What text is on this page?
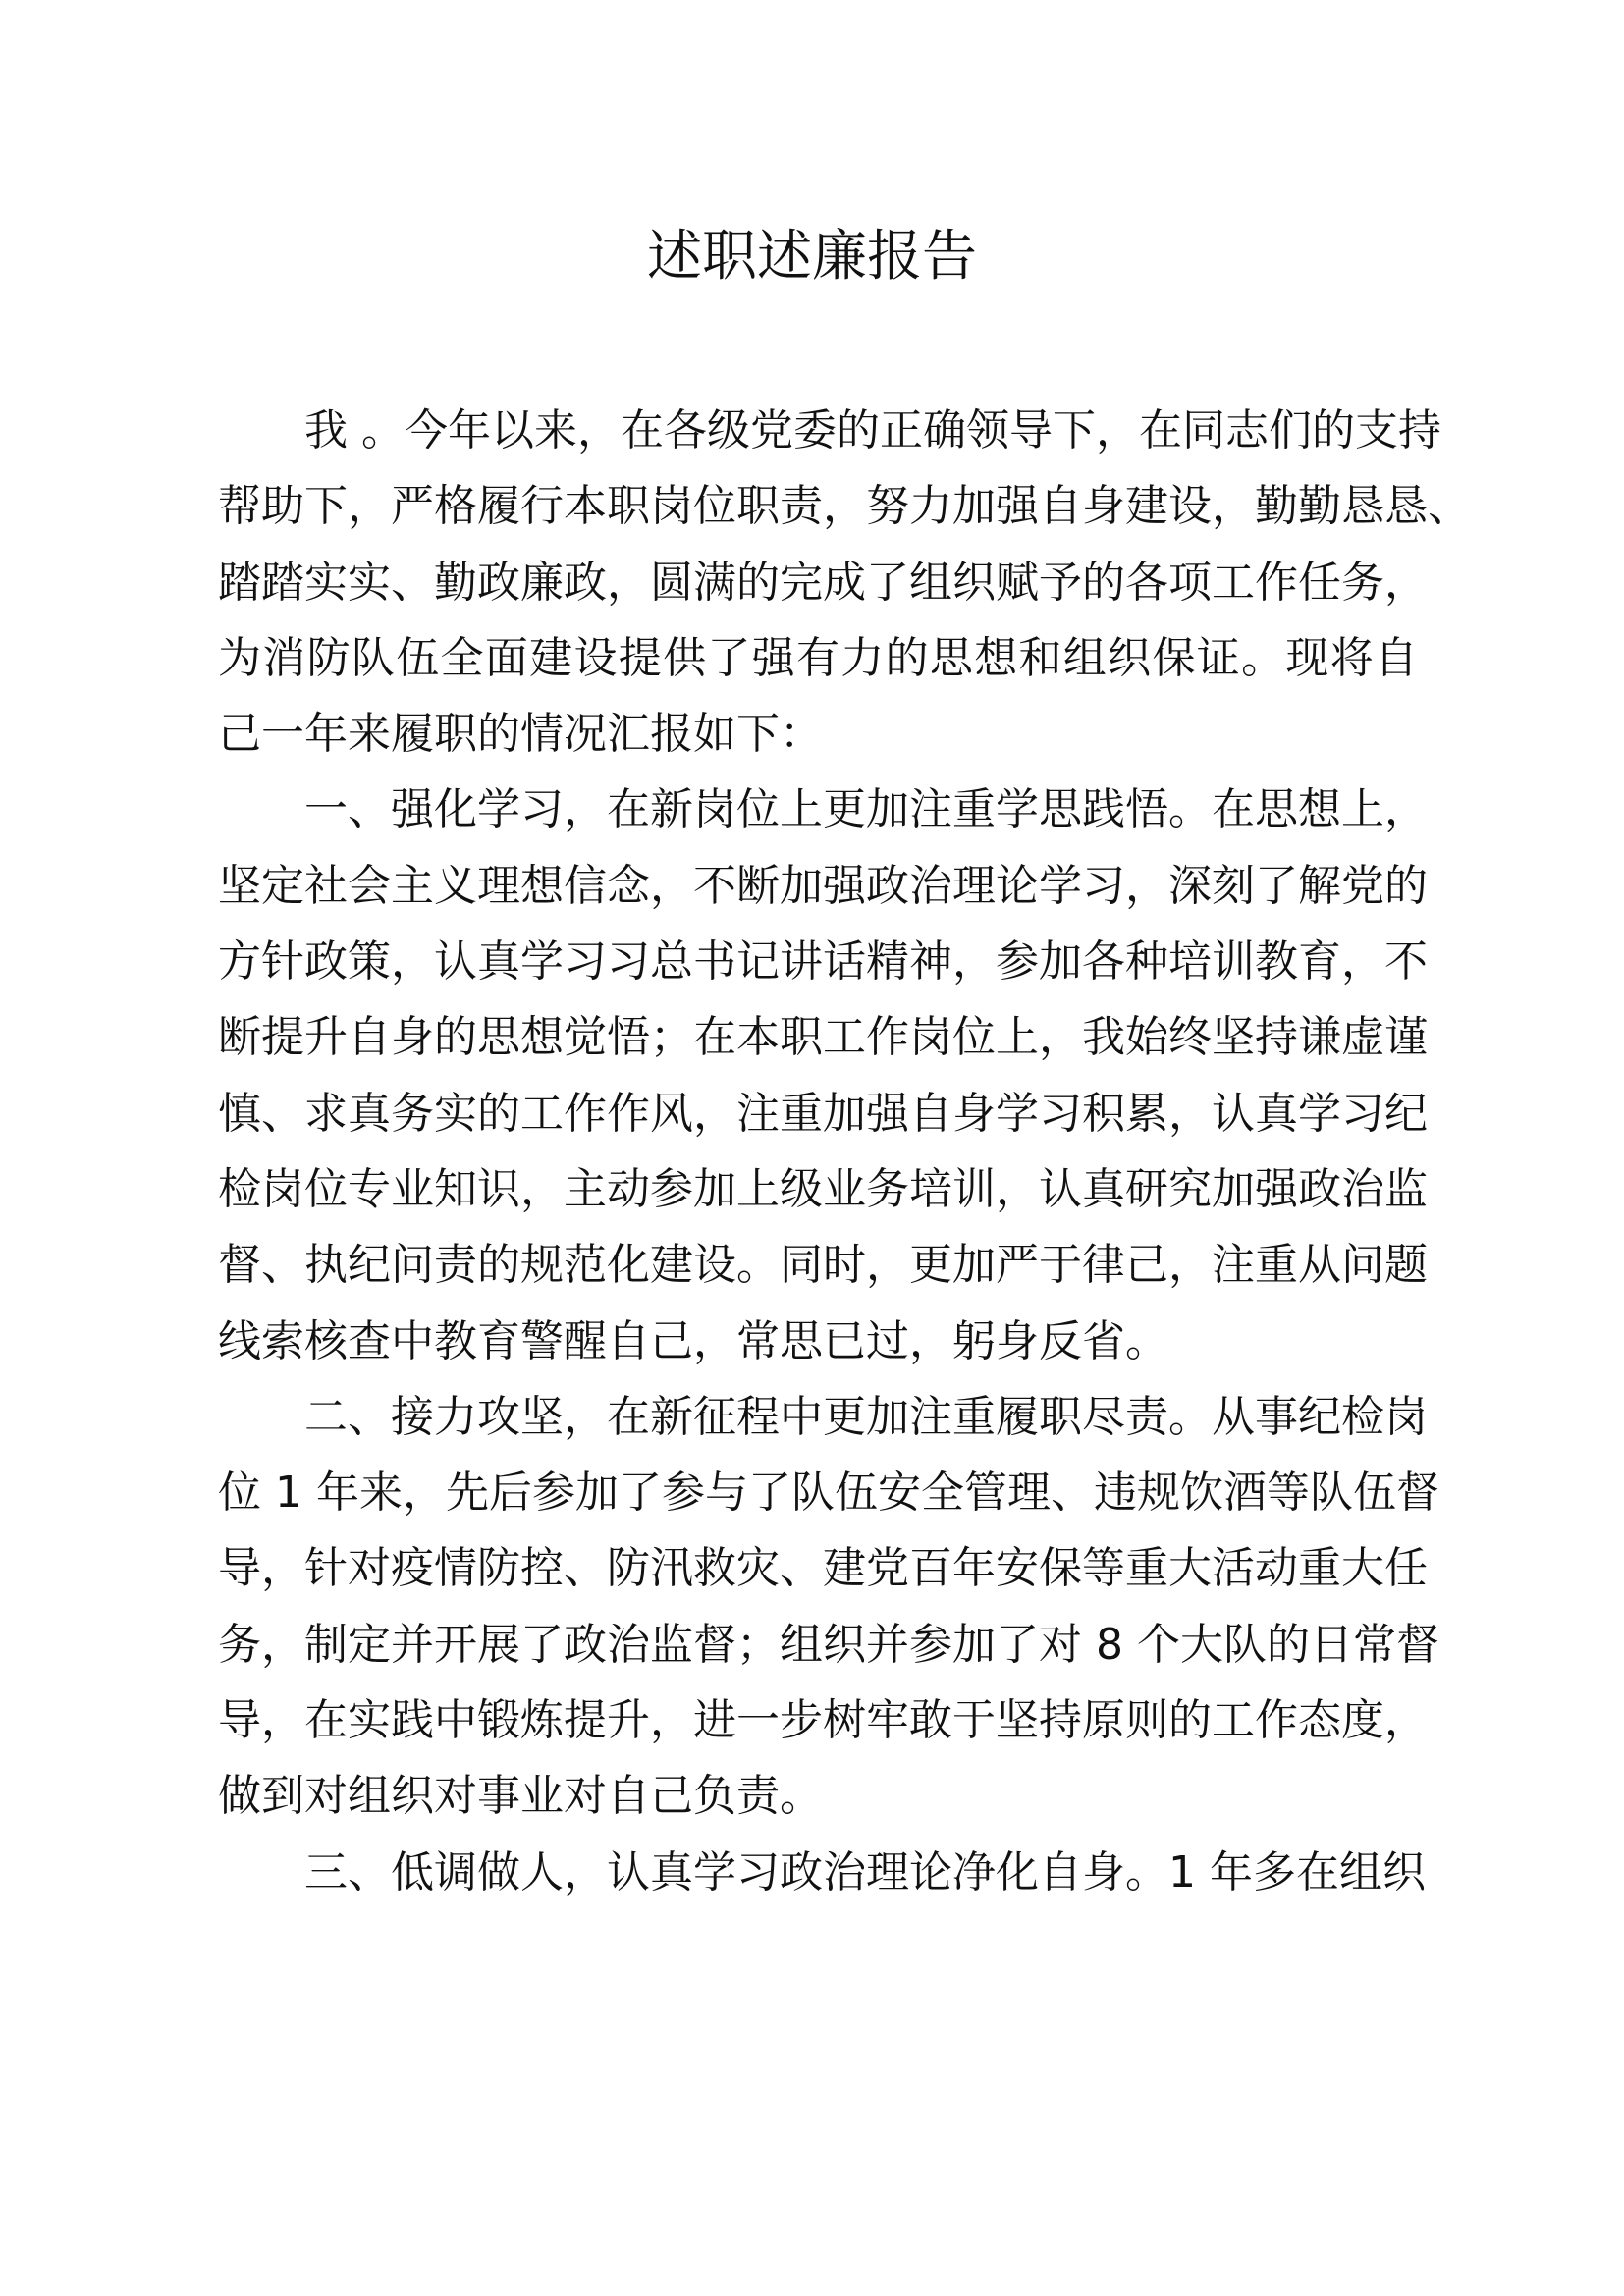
述职述廉报告
我 。今年以来，在各级党委的正确领导下，在同志们的支持
帮助下，严格履行本职岗位职责，努力加强自身建设，勤勤恳恳、
踏踏实实、勤政廉政，圆满的完成了组织赋予的各项工作任务，
为消防队伍全面建设提供了强有力的思想和组织保证。现将自
己一年来履职的情况汇报如下：
一、强化学习，在新岗位上更加注重学思践悟。在思想上，
坚定社会主义理想信念，不断加强政治理论学习，深刻了解党的
方针政策，认真学习习总书记讲话精神，参加各种培训教育，不
断提升自身的思想觉悟；在本职工作岗位上，我始终坚持谦虚谨
慎、求真务实的工作作风，注重加强自身学习积累，认真学习纪
检岗位专业知识，主动参加上级业务培训，认真研究加强政治监
督、执纪问责的规范化建设。同时，更加严于律己，注重从问题
线索核查中教育警醒自己，常思已过，躬身反省。
二、接力攻坚，在新征程中更加注重履职尽责。从事纪检岗
位 1 年来，先后参加了参与了队伍安全管理、违规饮酒等队伍督
导，针对疫情防控、防汛救灾、建党百年安保等重大活动重大任
务，制定并开展了政治监督；组织并参加了对 8 个大队的日常督
导，在实践中锻炼提升，进一步树牢敢于坚持原则的工作态度，
做到对组织对事业对自己负责。
三、低调做人，认真学习政治理论净化自身。1 年多在组织
